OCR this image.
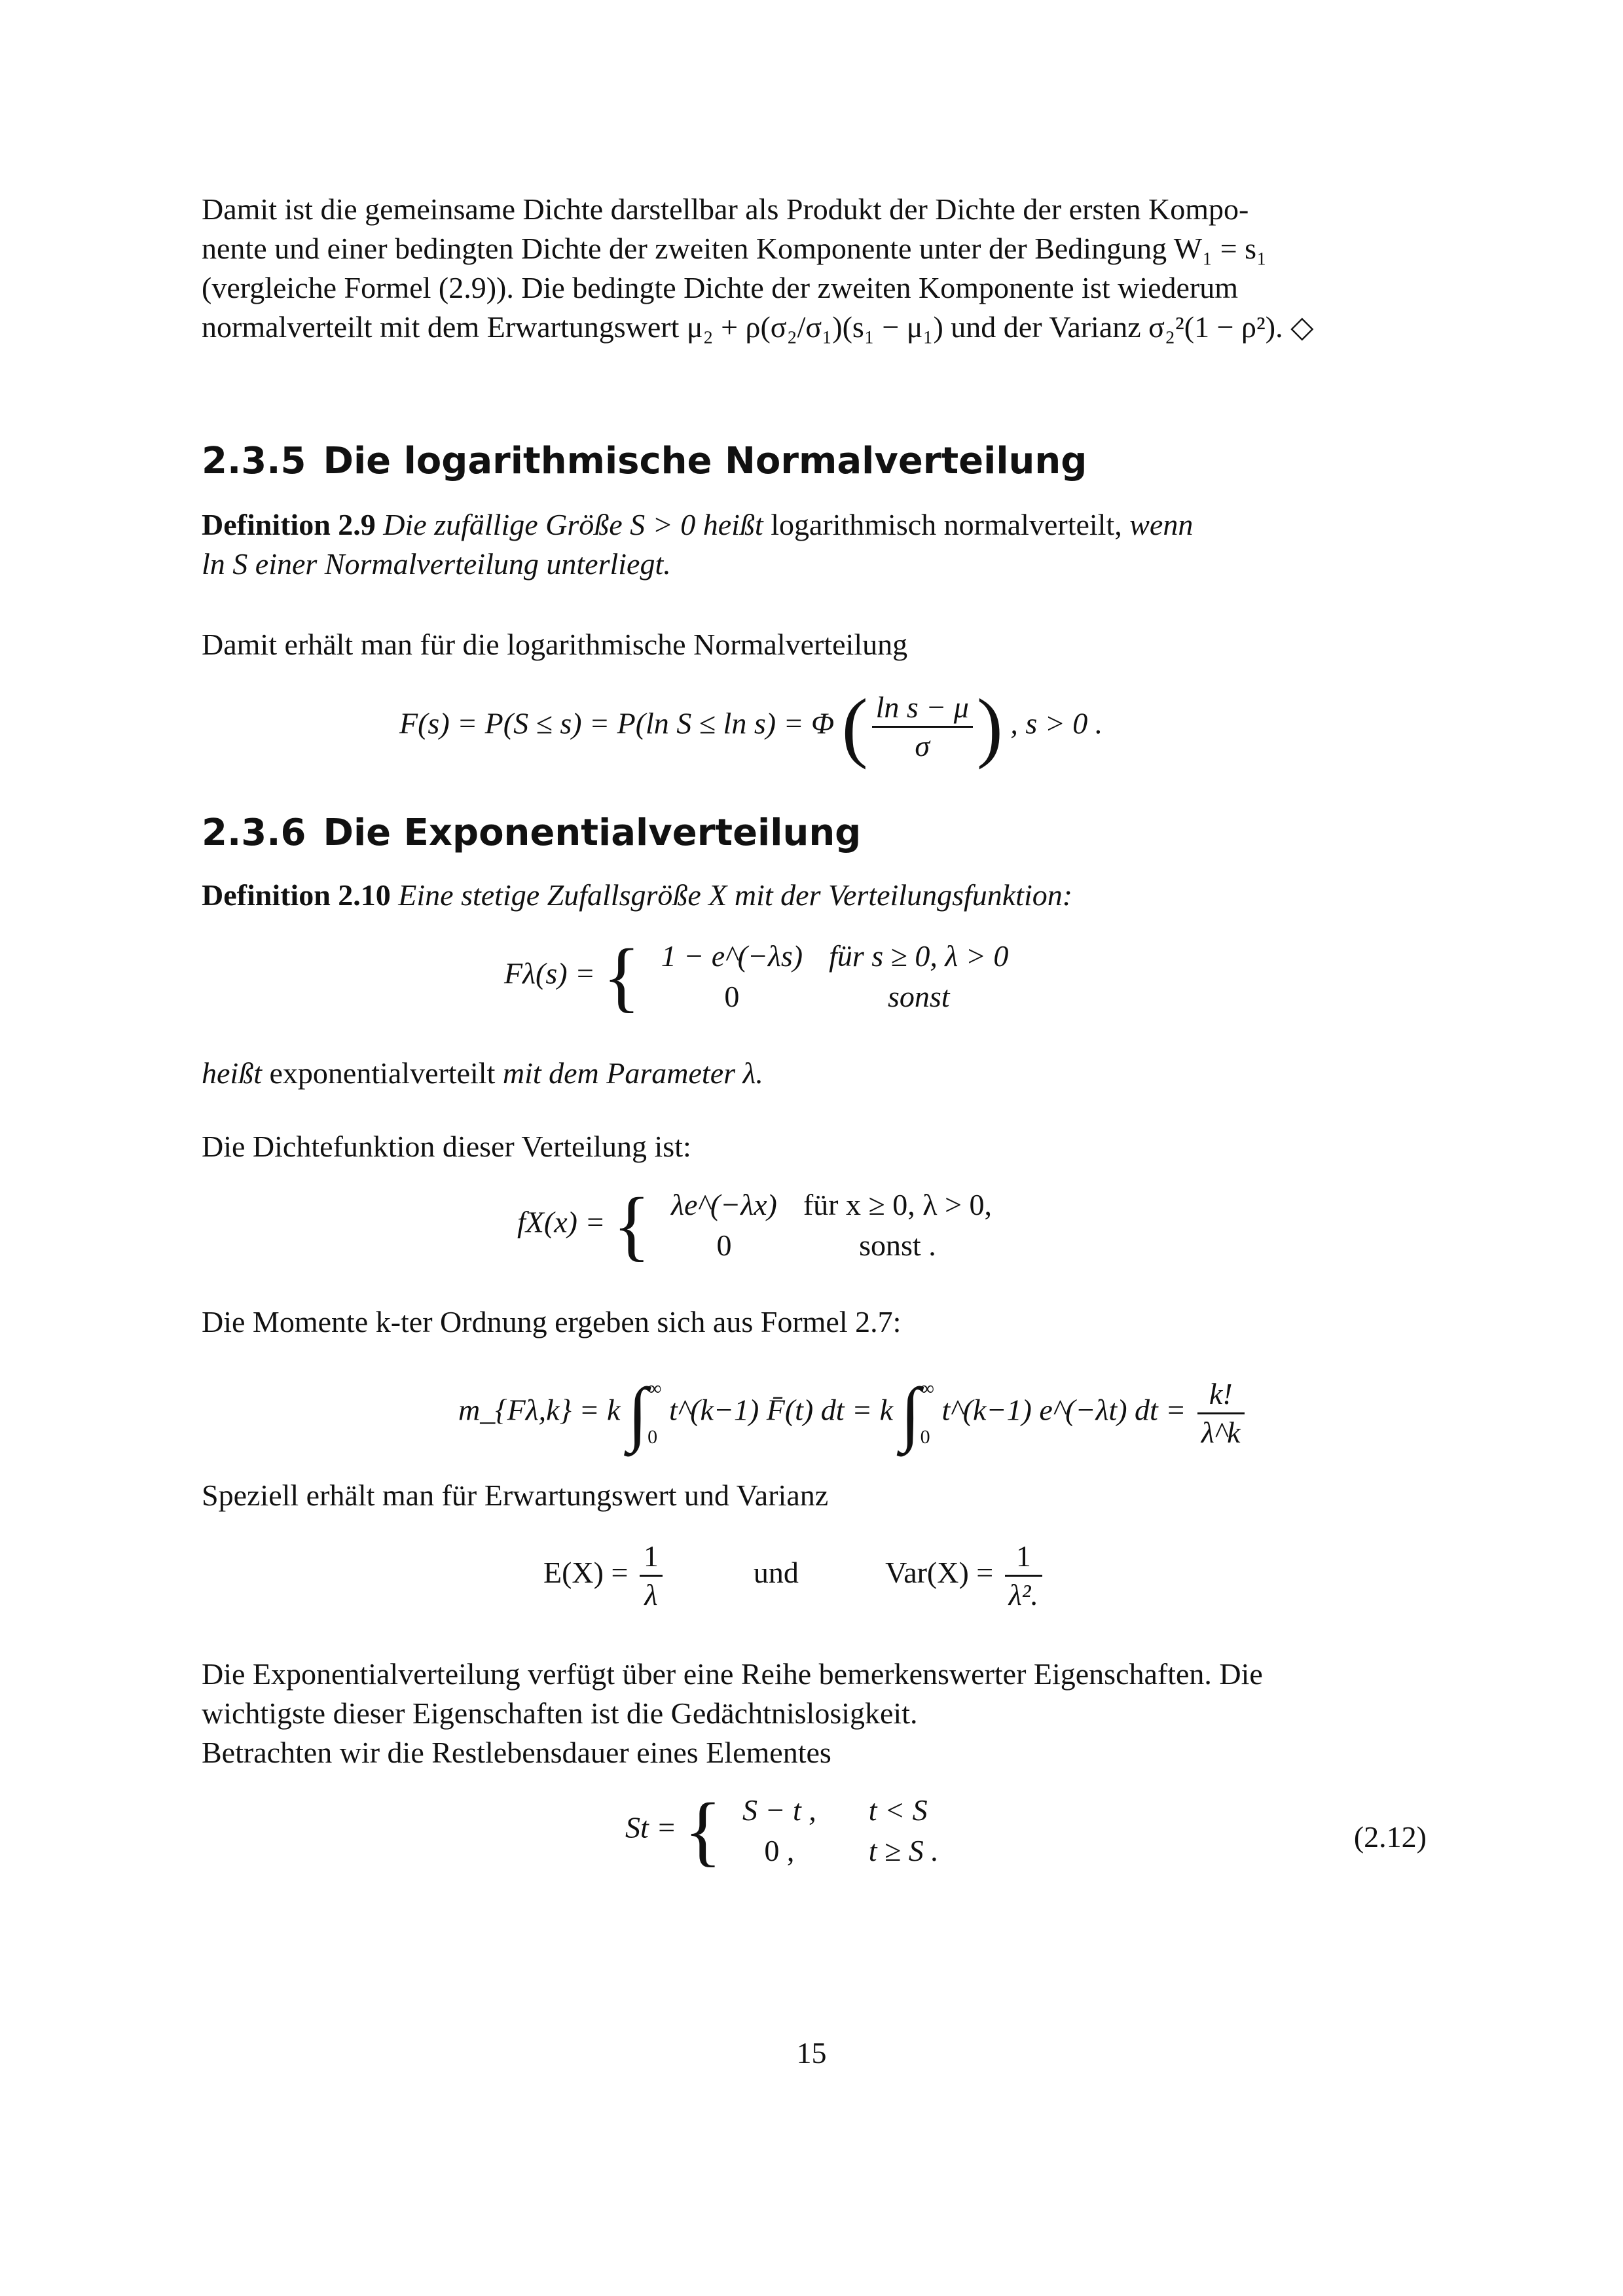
Damit ist die gemeinsame Dichte darstellbar als Produkt der Dichte der ersten Kompo-
nente und einer bedingten Dichte der zweiten Komponente unter der Bedingung W₁ = s₁
(vergleiche Formel (2.9)). Die bedingte Dichte der zweiten Komponente ist wiederum
normalverteilt mit dem Erwartungswert μ₂ + ρ(σ₂/σ₁)(s₁ − μ₁) und der Varianz σ₂²(1 − ρ²). ◇
2.3.5 Die logarithmische Normalverteilung
Definition 2.9 Die zufällige Größe S > 0 heißt logarithmisch normalverteilt, wenn
ln S einer Normalverteilung unterliegt.
Damit erhält man für die logarithmische Normalverteilung
F(s) = P(S ≤ s) = P(ln S ≤ ln s) = Φ ( $\frac{\text{ln s − μ}}{\sigma}$ ) , s > 0 .
2.3.6 Die Exponentialverteilung
Definition 2.10 Eine stetige Zufallsgröße X mit der Verteilungsfunktion:
Fλ(s) = { 1 − e^(−λs)	für s ≥ 0, λ > 0
0	sonst
heißt exponentialverteilt mit dem Parameter λ.
Die Dichtefunktion dieser Verteilung ist:
fX(x) = { λe^(−λx)	für x ≥ 0, λ > 0,
0	sonst .
Die Momente k-ter Ordnung ergeben sich aus Formel 2.7:
m_{Fλ,k} = k ∫ ∞
0
t^(k−1) F̄(t) dt = k ∫ ∞
0
t^(k−1) e^(−λt) dt = $\frac{k!}{\lambda\^{}k}$
Speziell erhält man für Erwartungswert und Varianz
$E(X) = \frac{1}{\lambda}$	und	$Var(X) = \frac{1}{\text{λ².}}$
Die Exponentialverteilung verfügt über eine Reihe bemerkenswerter Eigenschaften. Die
wichtigste dieser Eigenschaften ist die Gedächtnislosigkeit.
Betrachten wir die Restlebensdauer eines Elementes
St = { S − t ,	t < S
0 ,	t ≥ S .	(2.12)
15
